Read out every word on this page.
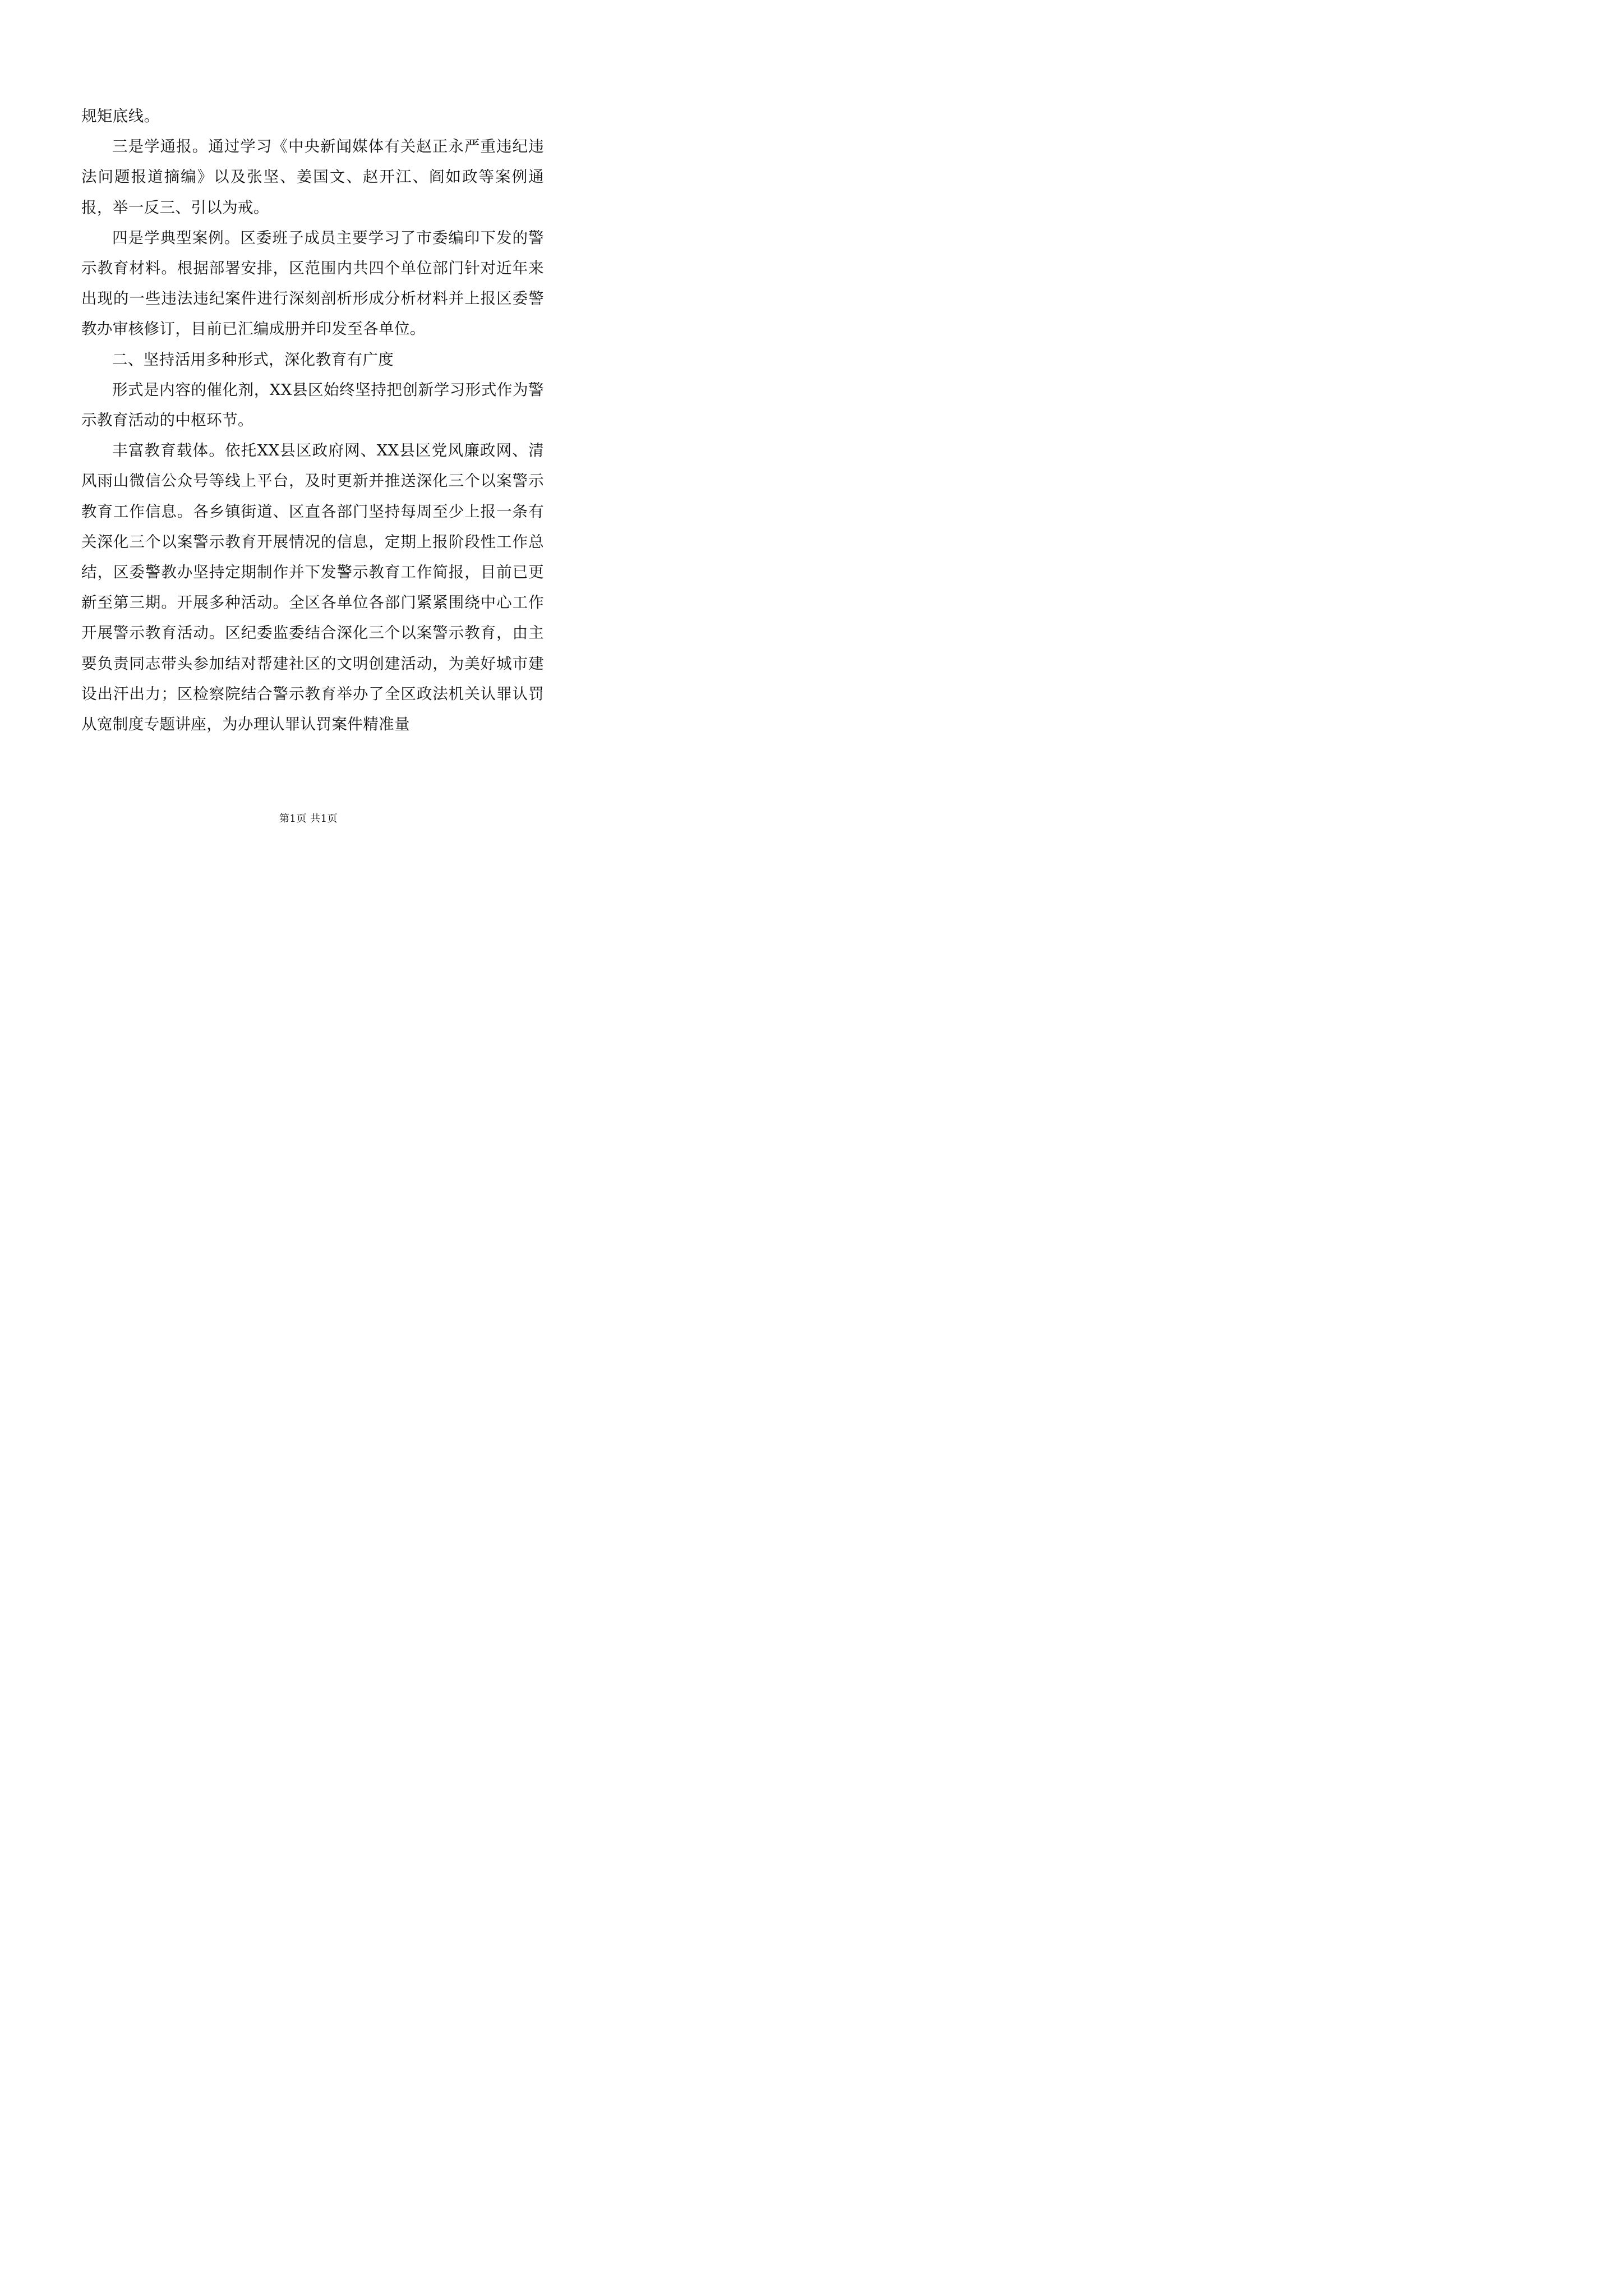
规矩底线。

三是学通报。通过学习《中央新闻媒体有关赵正永严重违纪违法问题报道摘编》以及张坚、姜国文、赵开江、阎如政等案例通报，举一反三、引以为戒。

四是学典型案例。区委班子成员主要学习了市委编印下发的警示教育材料。根据部署安排，区范围内共四个单位部门针对近年来出现的一些违法违纪案件进行深刻剖析形成分析材料并上报区委警教办审核修订，目前已汇编成册并印发至各单位。

二、坚持活用多种形式，深化教育有广度

形式是内容的催化剂，XX县区始终坚持把创新学习形式作为警示教育活动的中枢环节。

丰富教育载体。依托XX县区政府网、XX县区党风廉政网、清风雨山微信公众号等线上平台，及时更新并推送深化三个以案警示教育工作信息。各乡镇街道、区直各部门坚持每周至少上报一条有关深化三个以案警示教育开展情况的信息，定期上报阶段性工作总结，区委警教办坚持定期制作并下发警示教育工作简报，目前已更新至第三期。开展多种活动。全区各单位各部门紧紧围绕中心工作开展警示教育活动。区纪委监委结合深化三个以案警示教育，由主要负责同志带头参加结对帮建社区的文明创建活动，为美好城市建设出汗出力；区检察院结合警示教育举办了全区政法机关认罪认罚从宽制度专题讲座，为办理认罪认罚案件精准量

第1页 共1页
